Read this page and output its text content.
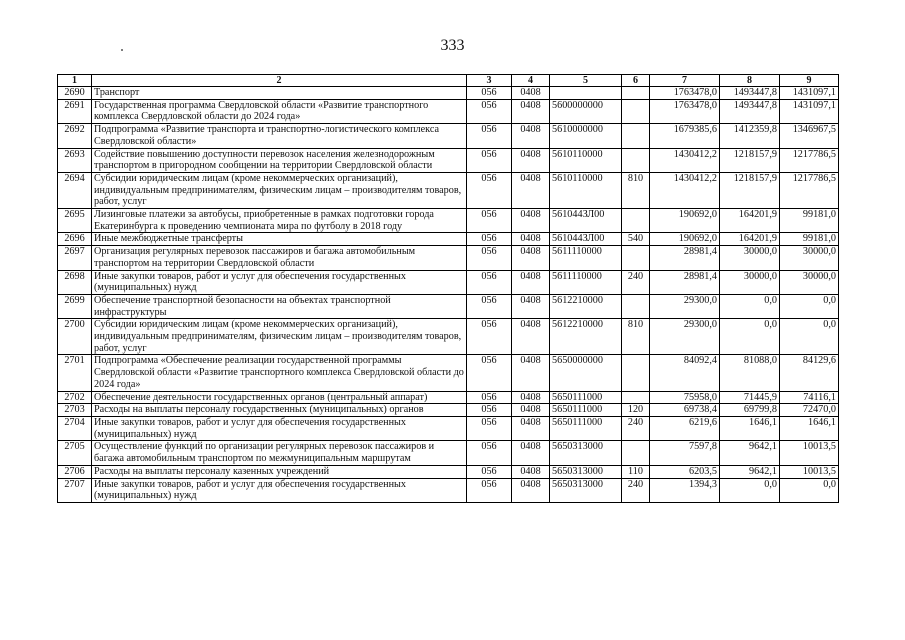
333
1	2	3	4	5	6	7	8	9
2690	Транспорт	056	0408			1763478,0	1493447,8	1431097,1
2691	Государственная программа Свердловской области «Развитие транспортного комплекса Свердловской области до 2024 года»	056	0408	5600000000		1763478,0	1493447,8	1431097,1
2692	Подпрограмма «Развитие транспорта и транспортно-логистического комплекса Свердловской области»	056	0408	5610000000		1679385,6	1412359,8	1346967,5
2693	Содействие повышению доступности перевозок населения железнодорожным транспортом в пригородном сообщении на территории Свердловской области	056	0408	5610110000		1430412,2	1218157,9	1217786,5
2694	Субсидии юридическим лицам (кроме некоммерческих организаций), индивидуальным предпринимателям, физическим лицам – производителям товаров, работ, услуг	056	0408	5610110000	810	1430412,2	1218157,9	1217786,5
2695	Лизинговые платежи за автобусы, приобретенные в рамках подготовки города Екатеринбурга к проведению чемпионата мира по футболу в 2018 году	056	0408	561044ЗЛ00		190692,0	164201,9	99181,0
2696	Иные межбюджетные трансферты	056	0408	561044ЗЛ00	540	190692,0	164201,9	99181,0
2697	Организация регулярных перевозок пассажиров и багажа автомобильным транспортом на территории Свердловской области	056	0408	5611110000		28981,4	30000,0	30000,0
2698	Иные закупки товаров, работ и услуг для обеспечения государственных (муниципальных) нужд	056	0408	5611110000	240	28981,4	30000,0	30000,0
2699	Обеспечение транспортной безопасности на объектах транспортной инфраструктуры	056	0408	5612210000		29300,0	0,0	0,0
2700	Субсидии юридическим лицам (кроме некоммерческих организаций), индивидуальным предпринимателям, физическим лицам – производителям товаров, работ, услуг	056	0408	5612210000	810	29300,0	0,0	0,0
2701	Подпрограмма «Обеспечение реализации государственной программы Свердловской области «Развитие транспортного комплекса Свердловской области до 2024 года»	056	0408	5650000000		84092,4	81088,0	84129,6
2702	Обеспечение деятельности государственных органов (центральный аппарат)	056	0408	5650111000		75958,0	71445,9	74116,1
2703	Расходы на выплаты персоналу государственных (муниципальных) органов	056	0408	5650111000	120	69738,4	69799,8	72470,0
2704	Иные закупки товаров, работ и услуг для обеспечения государственных (муниципальных) нужд	056	0408	5650111000	240	6219,6	1646,1	1646,1
2705	Осуществление функций по организации регулярных перевозок пассажиров и багажа автомобильным транспортом по межмуниципальным маршрутам	056	0408	5650313000		7597,8	9642,1	10013,5
2706	Расходы на выплаты персоналу казенных учреждений	056	0408	5650313000	110	6203,5	9642,1	10013,5
2707	Иные закупки товаров, работ и услуг для обеспечения государственных (муниципальных) нужд	056	0408	5650313000	240	1394,3	0,0	0,0
